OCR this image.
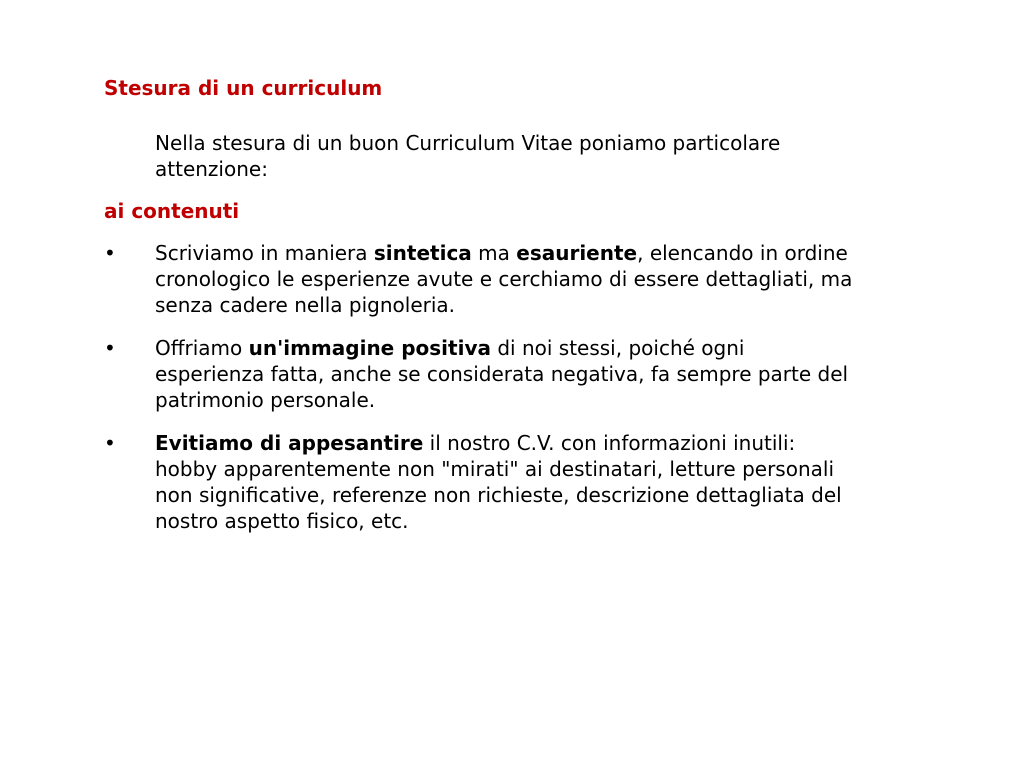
Stesura di un curriculum
Nella stesura di un buon Curriculum Vitae poniamo particolare attenzione:
ai contenuti
•	Scriviamo in maniera sintetica ma esauriente, elencando in ordine cronologico le esperienze avute e cerchiamo di essere dettagliati, ma senza cadere nella pignoleria.
•	Offriamo un'immagine positiva di noi stessi, poiché ogni esperienza fatta, anche se considerata negativa, fa sempre parte del patrimonio personale.
•	Evitiamo di appesantire il nostro C.V. con informazioni inutili: hobby apparentemente non "mirati" ai destinatari, letture personali non significative, referenze non richieste, descrizione dettagliata del nostro aspetto fisico, etc.
